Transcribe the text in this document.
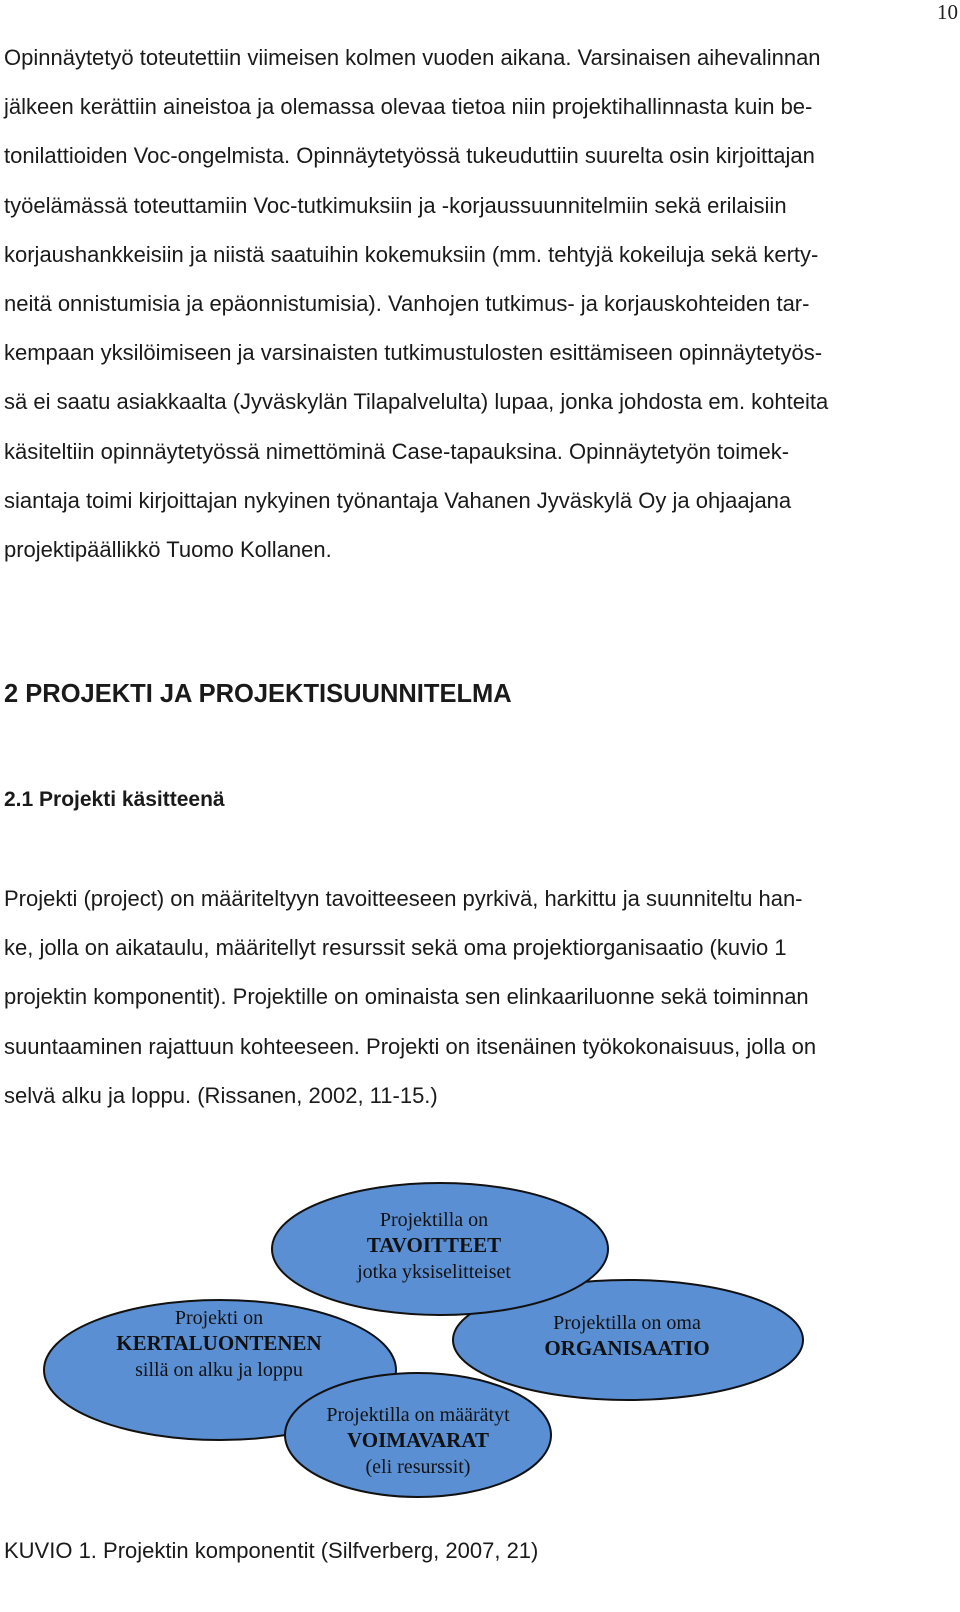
10
Opinnäytetyö toteutettiin viimeisen kolmen vuoden aikana. Varsinaisen aihevalinnan
jälkeen kerättiin aineistoa ja olemassa olevaa tietoa niin projektihallinnasta kuin be-
tonilattioiden Voc-ongelmista. Opinnäytetyössä tukeuduttiin suurelta osin kirjoittajan
työelämässä toteuttamiin Voc-tutkimuksiin ja -korjaussuunnitelmiin sekä erilaisiin
korjaushankkeisiin ja niistä saatuihin kokemuksiin (mm. tehtyjä kokeiluja sekä kerty-
neitä onnistumisia ja epäonnistumisia). Vanhojen tutkimus- ja korjauskohteiden tar-
kempaan yksilöimiseen ja varsinaisten tutkimustulosten esittämiseen opinnäytetyös-
sä ei saatu asiakkaalta (Jyväskylän Tilapalvelulta) lupaa, jonka johdosta em. kohteita
käsiteltiin opinnäytetyössä nimettöminä Case-tapauksina. Opinnäytetyön toimek-
siantaja toimi kirjoittajan nykyinen työnantaja Vahanen Jyväskylä Oy ja ohjaajana
projektipäällikkö Tuomo Kollanen.
2 PROJEKTI JA PROJEKTISUUNNITELMA
2.1 Projekti käsitteenä
Projekti (project) on määriteltyyn tavoitteeseen pyrkivä, harkittu ja suunniteltu han-
ke, jolla on aikataulu, määritellyt resurssit sekä oma projektiorganisaatio (kuvio 1
projektin komponentit). Projektille on ominaista sen elinkaariluonne sekä toiminnan
suuntaaminen rajattuun kohteeseen. Projekti on itsenäinen työkokonaisuus, jolla on
selvä alku ja loppu. (Rissanen, 2002, 11-15.)
Projektilla on
TAVOITTEET
jotka yksiselitteiset
Projekti on
KERTALUONTENEN
sillä on alku ja loppu
Projektilla on oma
ORGANISAATIO
Projektilla on määrätyt
VOIMAVARAT
(eli resurssit)

KUVIO 1. Projektin komponentit (Silfverberg, 2007, 21)
